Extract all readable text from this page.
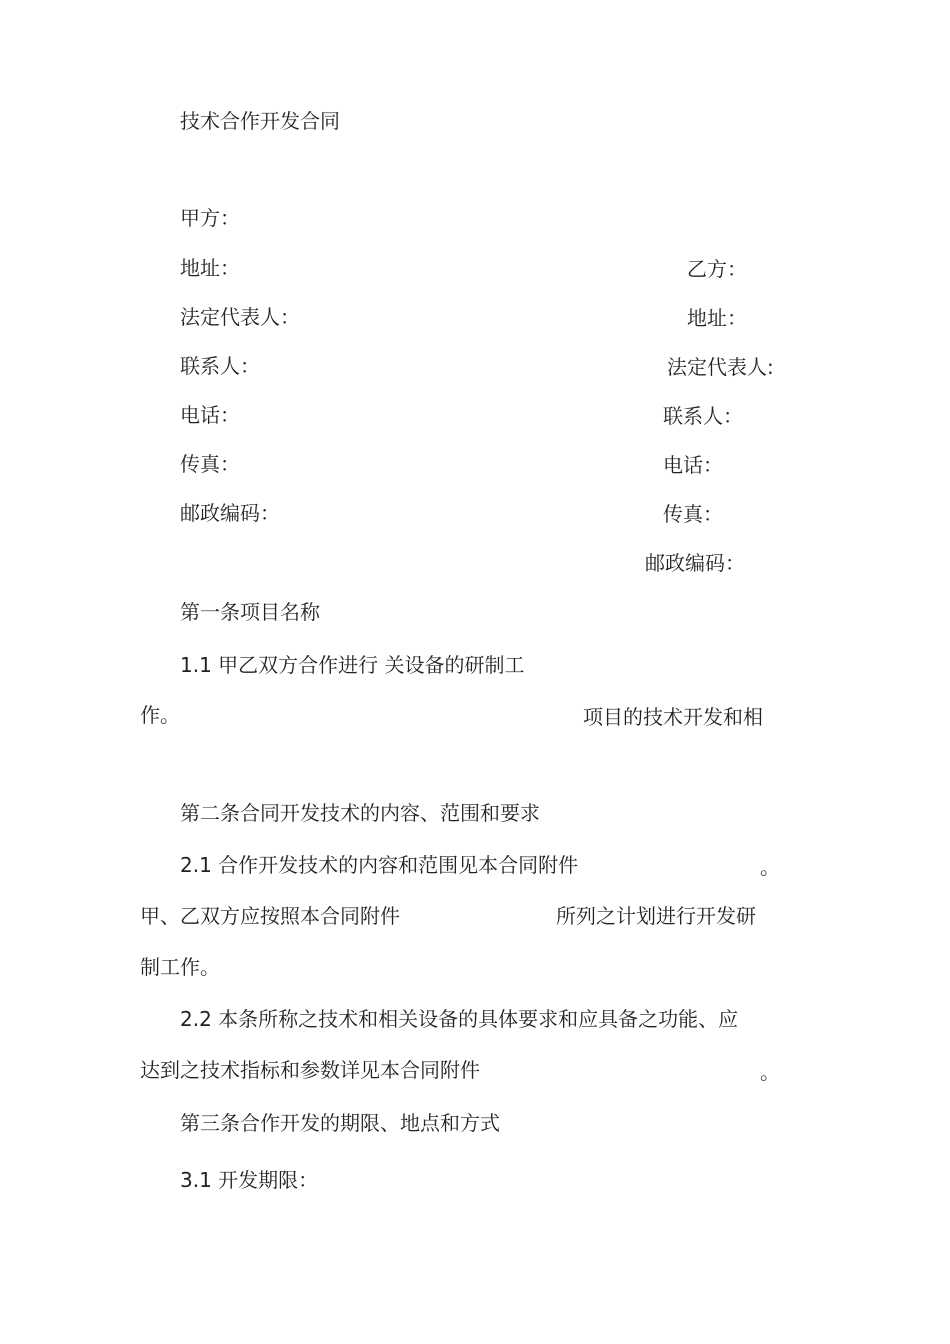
技术合作开发合同
甲方：
地址：
法定代表人：
联系人：
电话：
传真：
邮政编码：
乙方：
地址：
法定代表人:
联系人：
电话：
传真：
邮政编码：
第一条项目名称
1.1 甲乙双方合作进行 关设备的研制工
作。	项目的技术开发和相
第二条合同开发技术的内容、范围和要求
2.1 合作开发技术的内容和范围见本合同附件	。
甲、乙双方应按照本合同附件	所列之计划进行开发研
制工作。
2.2 本条所称之技术和相关设备的具体要求和应具备之功能、应
达到之技术指标和参数详见本合同附件	。
第三条合作开发的期限、地点和方式
3.1 开发期限：
